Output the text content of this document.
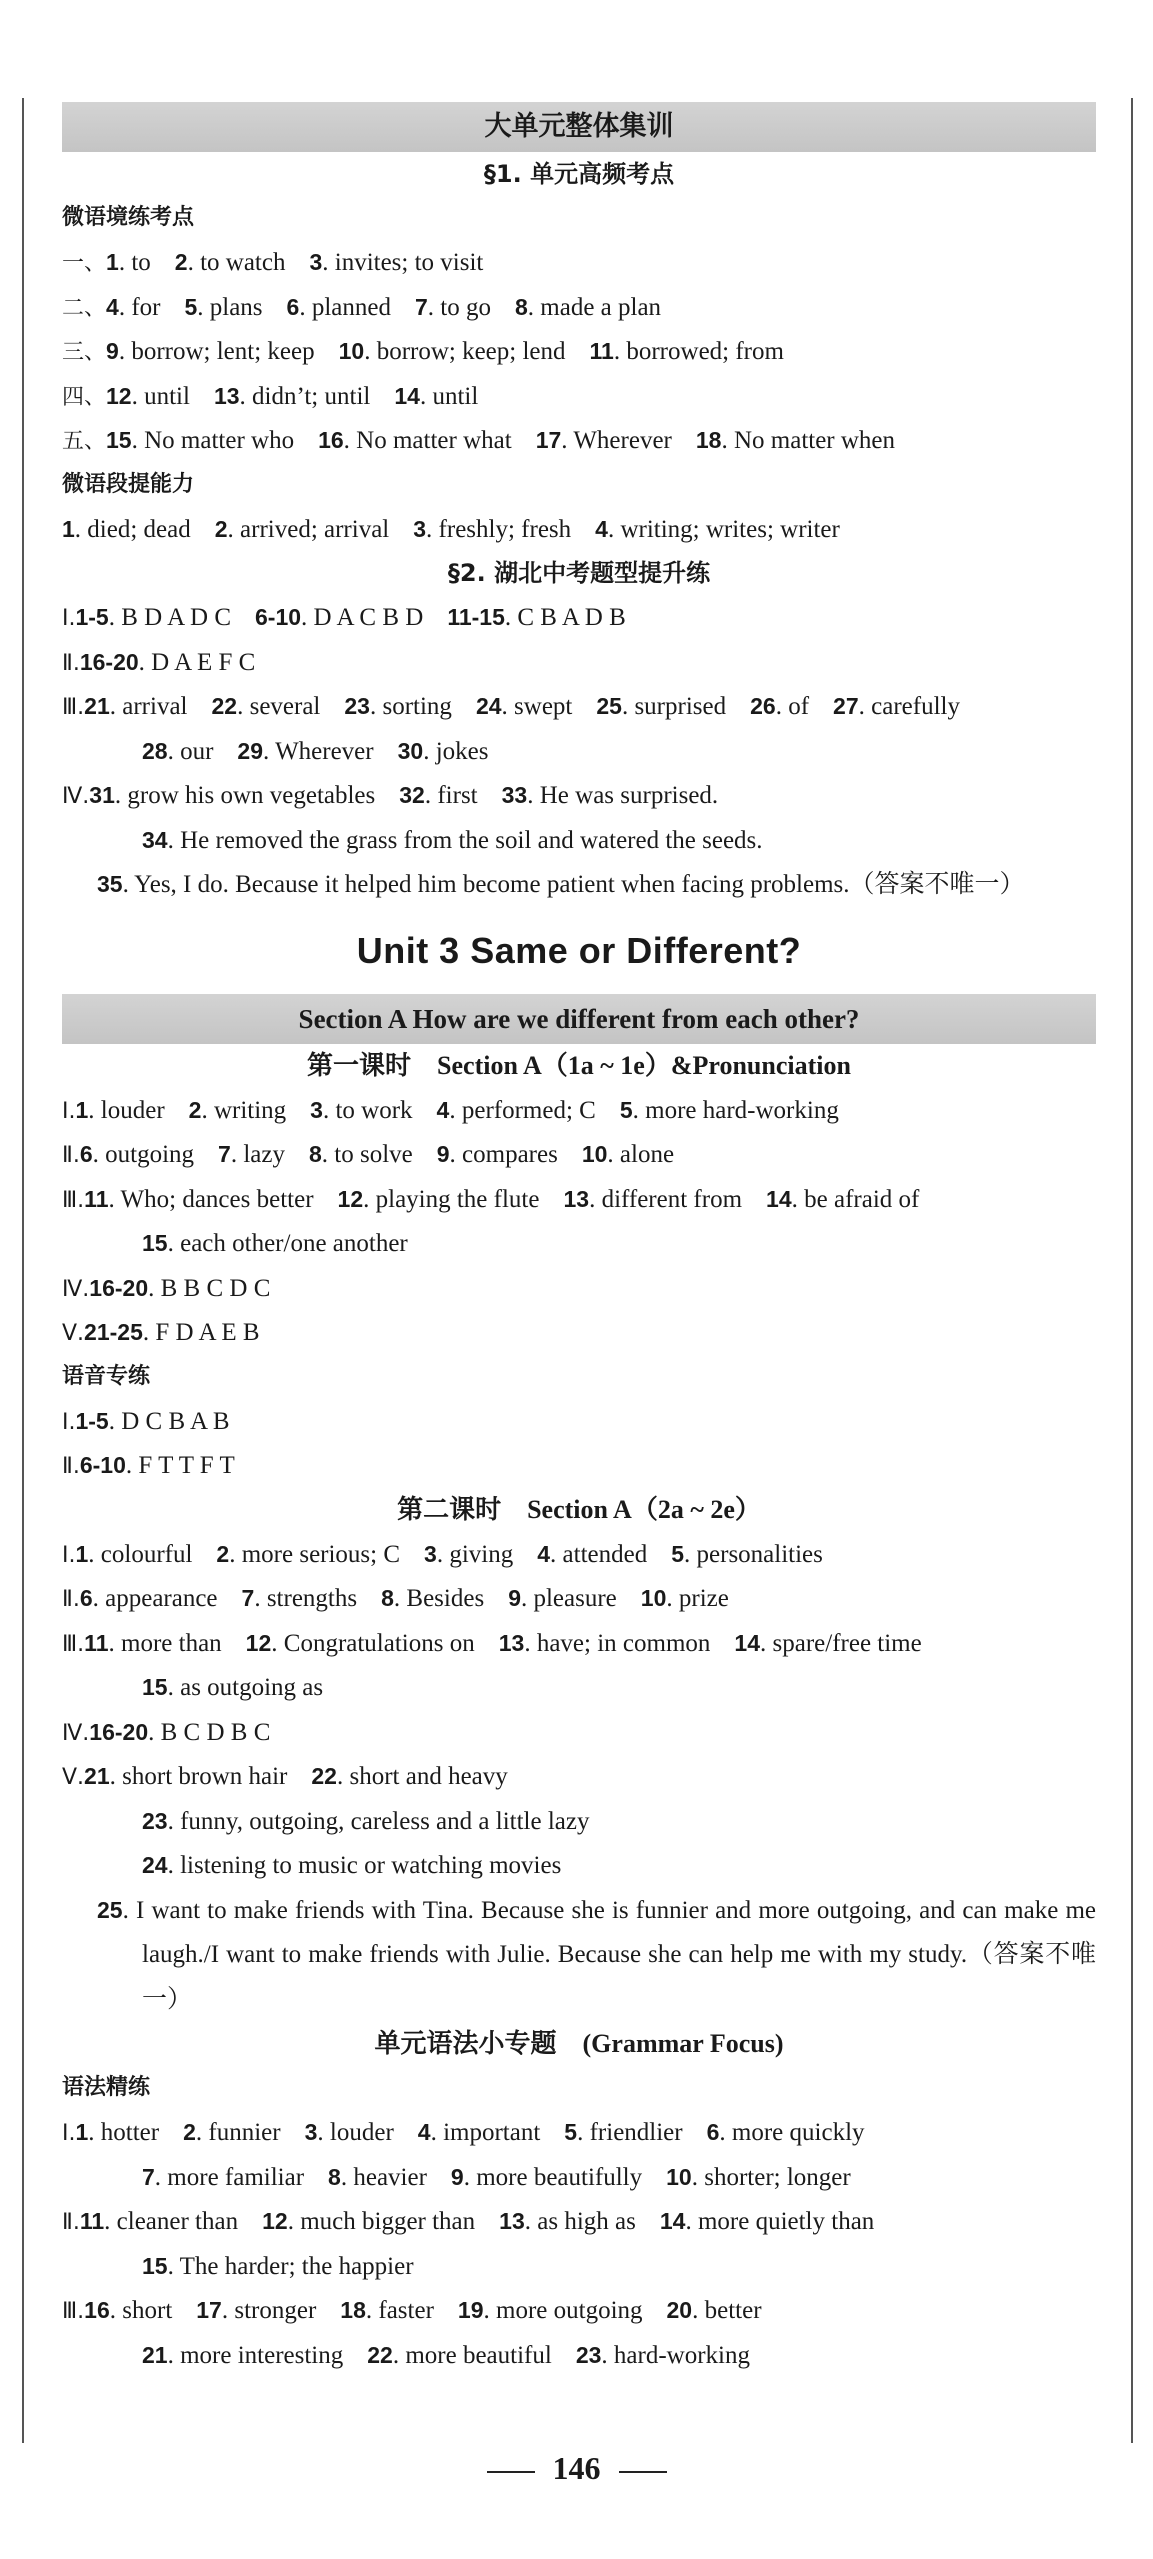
大单元整体集训
§1. 单元高频考点
微语境练考点
一、1. to 2. to watch 3. invites; to visit
二、4. for 5. plans 6. planned 7. to go 8. made a plan
三、9. borrow; lent; keep 10. borrow; keep; lend 11. borrowed; from
四、12. until 13. didn’t; until 14. until
五、15. No matter who 16. No matter what 17. Wherever 18. No matter when
微语段提能力
1. died; dead 2. arrived; arrival 3. freshly; fresh 4. writing; writes; writer
§2. 湖北中考题型提升练
Ⅰ.1-5. B D A D C 6-10. D A C B D 11-15. C B A D B
Ⅱ.16-20. D A E F C
Ⅲ.21. arrival 22. several 23. sorting 24. swept 25. surprised 26. of 27. carefully
28. our 29. Wherever 30. jokes
Ⅳ.31. grow his own vegetables 32. first 33. He was surprised.
34. He removed the grass from the soil and watered the seeds.
35. Yes, I do. Because it helped him become patient when facing problems.（答案不唯一）
Unit 3 Same or Different?
Section A How are we different from each other?
第一课时　Section A（1a ~ 1e）&Pronunciation
Ⅰ.1. louder 2. writing 3. to work 4. performed; C 5. more hard-working
Ⅱ.6. outgoing 7. lazy 8. to solve 9. compares 10. alone
Ⅲ.11. Who; dances better 12. playing the flute 13. different from 14. be afraid of
15. each other/one another
Ⅳ.16-20. B B C D C
Ⅴ.21-25. F D A E B
语音专练
Ⅰ.1-5. D C B A B
Ⅱ.6-10. F T T F T
第二课时　Section A（2a ~ 2e）
Ⅰ.1. colourful 2. more serious; C 3. giving 4. attended 5. personalities
Ⅱ.6. appearance 7. strengths 8. Besides 9. pleasure 10. prize
Ⅲ.11. more than 12. Congratulations on 13. have; in common 14. spare/free time
15. as outgoing as
Ⅳ.16-20. B C D B C
Ⅴ.21. short brown hair 22. short and heavy
23. funny, outgoing, careless and a little lazy
24. listening to music or watching movies
25. I want to make friends with Tina. Because she is funnier and more outgoing, and can make me laugh./I want to make friends with Julie. Because she can help me with my study.（答案不唯一）
单元语法小专题　(Grammar Focus)
语法精练
Ⅰ.1. hotter 2. funnier 3. louder 4. important 5. friendlier 6. more quickly
7. more familiar 8. heavier 9. more beautifully 10. shorter; longer
Ⅱ.11. cleaner than 12. much bigger than 13. as high as 14. more quietly than
15. The harder; the happier
Ⅲ.16. short 17. stronger 18. faster 19. more outgoing 20. better
21. more interesting 22. more beautiful 23. hard-working
146
